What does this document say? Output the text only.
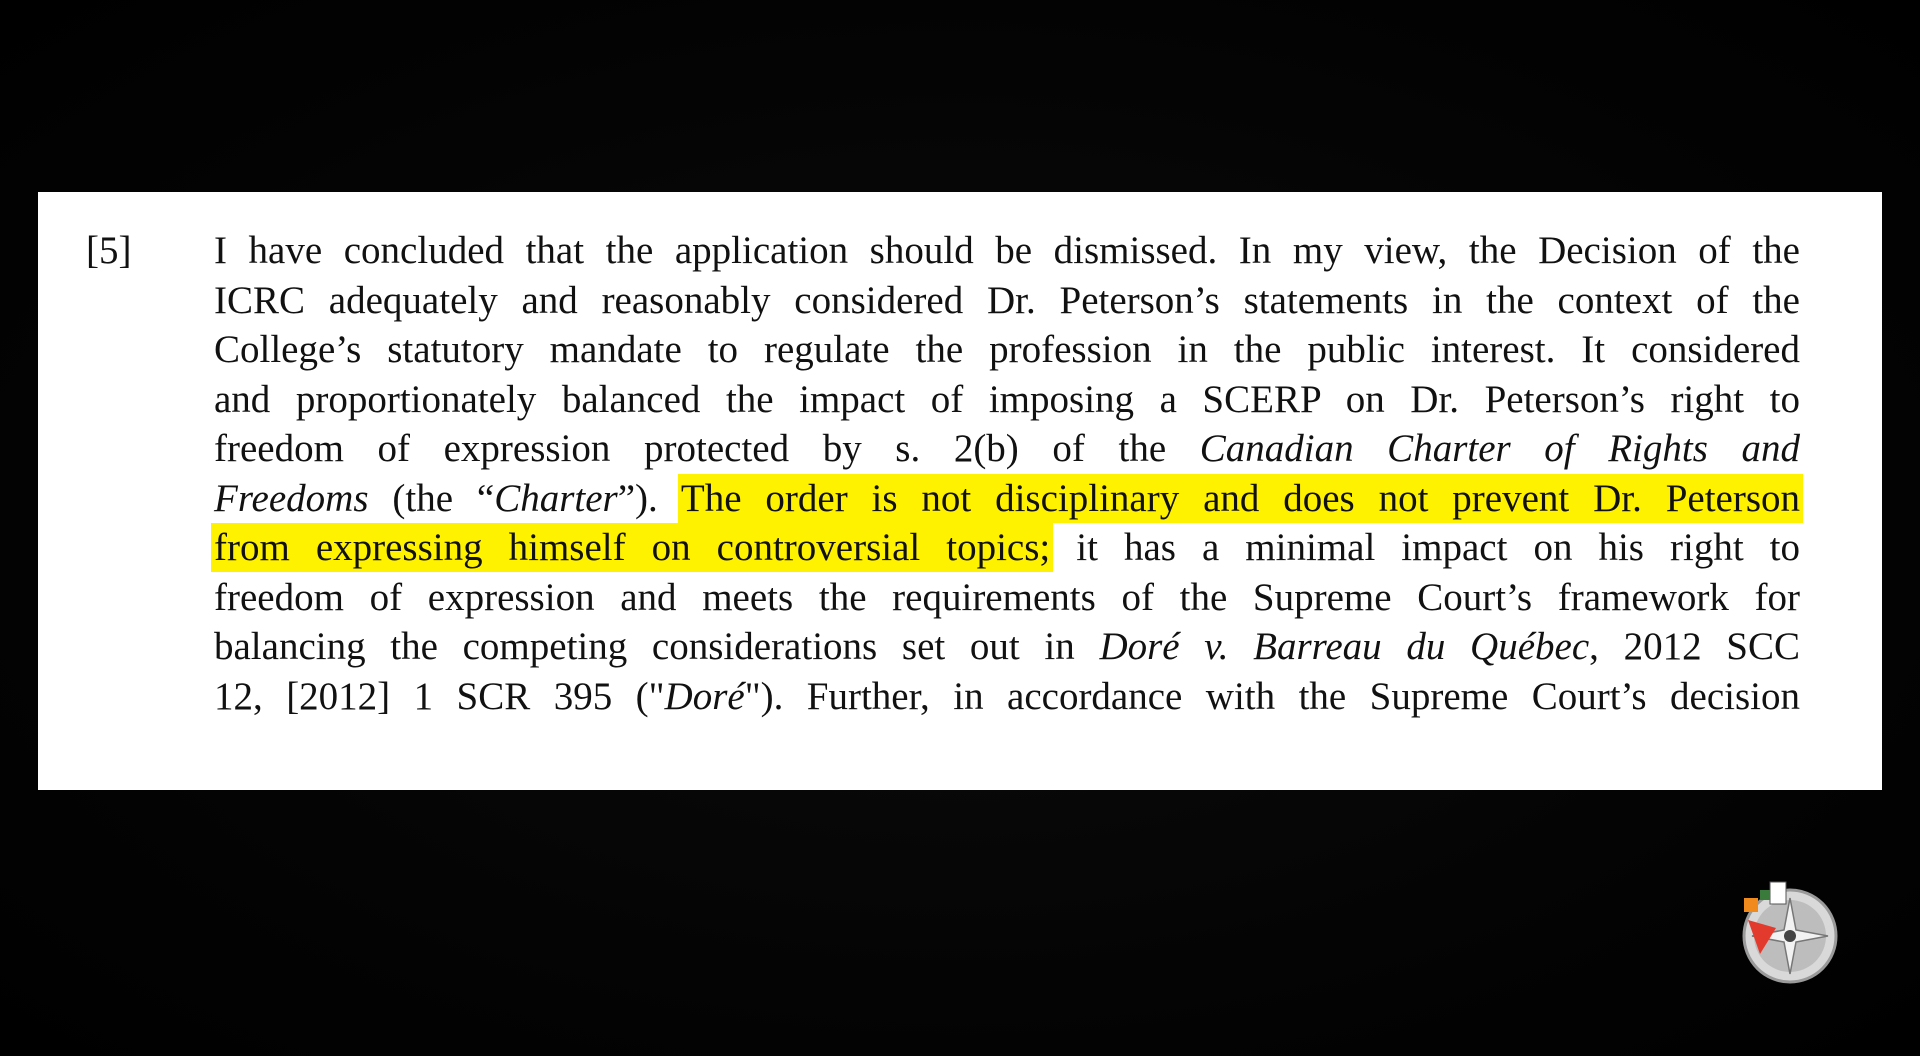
[5] I have concluded that the application should be dismissed. In my view, the Decision of the
ICRC adequately and reasonably considered Dr. Peterson’s statements in the context of the
College’s statutory mandate to regulate the profession in the public interest. It considered
and proportionately balanced the impact of imposing a SCERP on Dr. Peterson’s right to
freedom of expression protected by s. 2(b) of the Canadian Charter of Rights and
Freedoms (the “Charter”). The order is not disciplinary and does not prevent Dr. Peterson
from expressing himself on controversial topics; it has a minimal impact on his right to
freedom of expression and meets the requirements of the Supreme Court’s framework for
balancing the competing considerations set out in Doré v. Barreau du Québec, 2012 SCC
12, [2012] 1 SCR 395 ("Doré"). Further, in accordance with the Supreme Court’s decision
